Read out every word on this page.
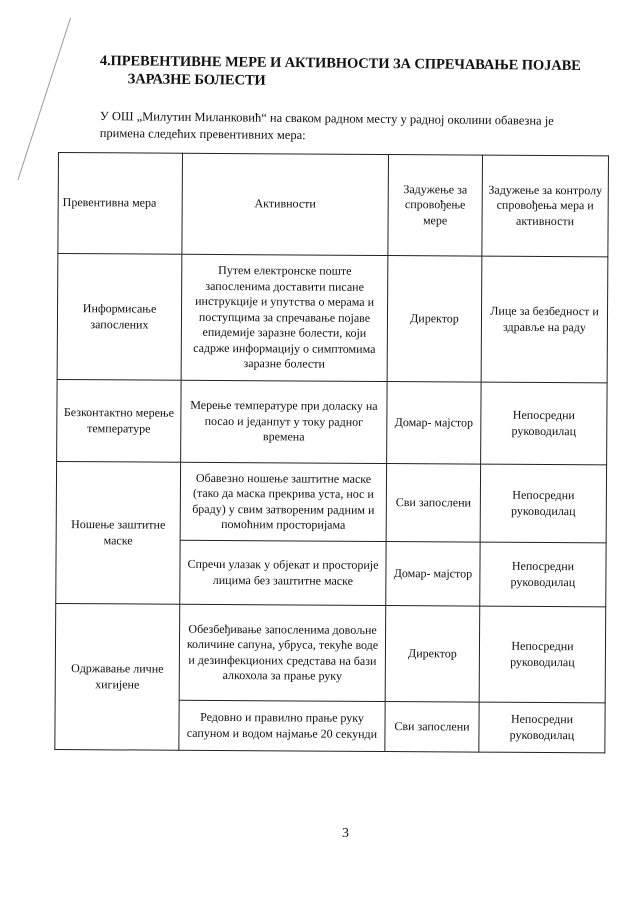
4.ПРЕВЕНТИВНЕ МЕРЕ И АКТИВНОСТИ ЗА СПРЕЧАВАЊЕ ПОЈАВЕ
ЗАРАЗНЕ БОЛЕСТИ
У ОШ „Милутин Миланковић“ на сваком радном месту у радној околини обавезна је примена следећих превентивних мера:
Превентивна мера	Активности	Задужење за спровођење мере	Задужење за контролу спровођења мера и активности
Информисање запослених	Путем електронске поште запосленима доставити писане инструкције и упутства о мерама и поступцима за спречавање појаве епидемије заразне болести, који садрже информацију о симптомима заразне болести	Директор	Лице за безбедност и здравље на раду
Безконтактно мерење температуре	Мерење температуре при доласку на посао и једанпут у току радног времена	Домар- мајстор	Непосредни руководилац
Ношење заштитне маске	Обавезно ношење заштитне маске (тако да маска прекрива уста, нос и браду) у свим затвореним радним и помоћним просторијама	Сви запослени	Непосредни руководилац
	Спречи улазак у објекат и просторије лицима без заштитне маске	Домар- мајстор	Непосредни руководилац
Одржавање личне хигијене	Обезбеђивање запосленима довољне количине сапуна, убруса, текуће воде и дезинфекционих средстава на бази алкохола за прање руку	Директор	Непосредни руководилац
	Редовно и правилно прање руку сапуном и водом најмање 20 секунди	Сви запослени	Непосредни руководилац
3
